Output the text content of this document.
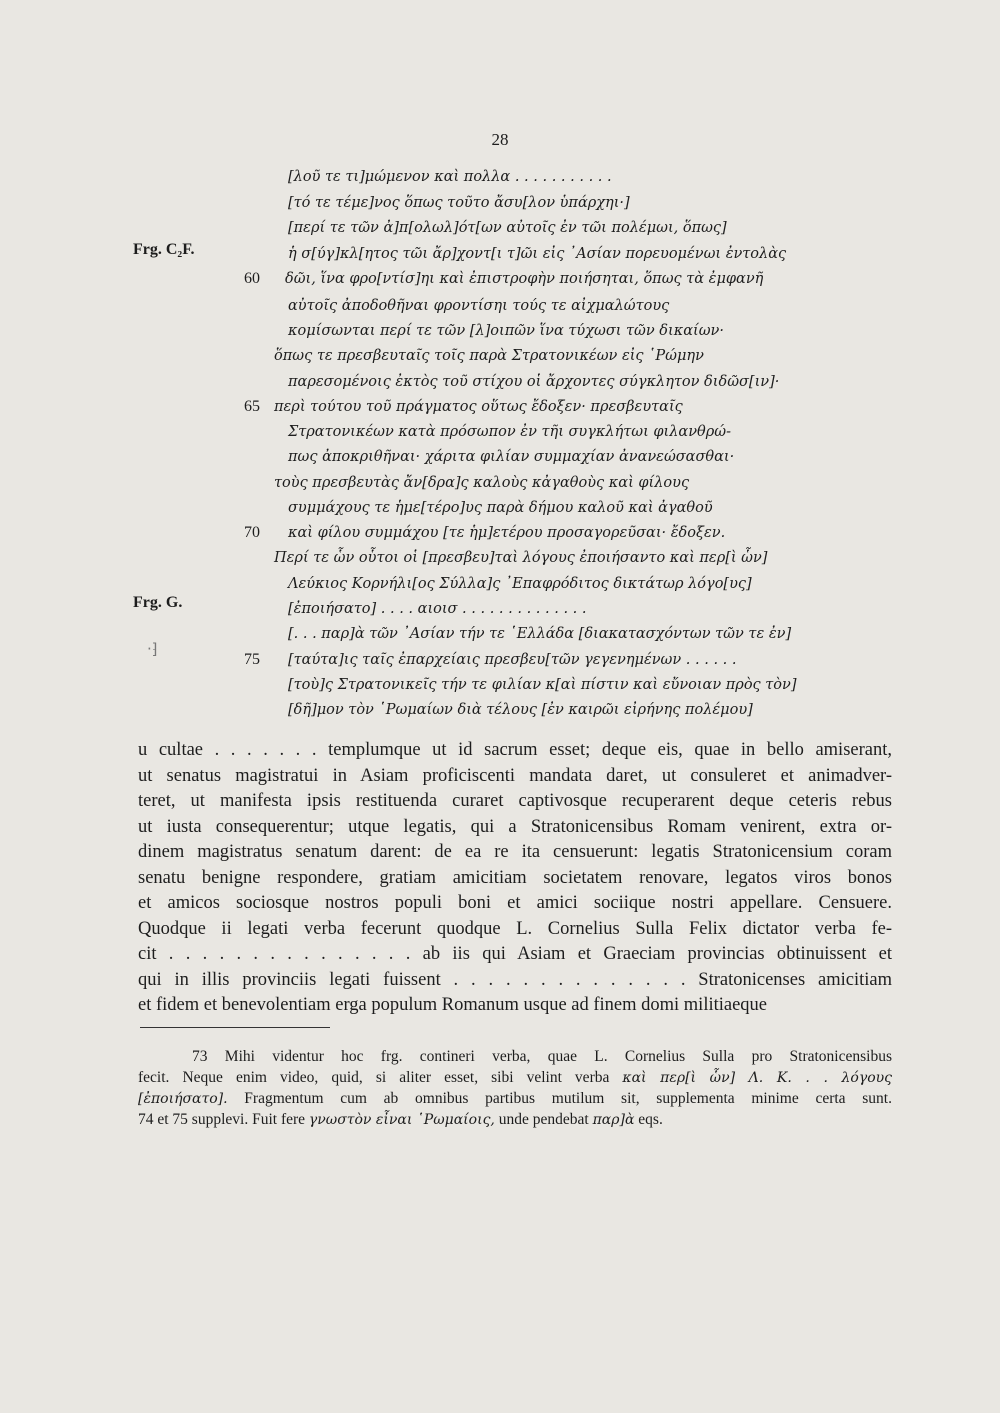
28
[λοῦ τε τι]μώμενον καὶ πολλα . . . . . . . . . . .
[τό τε τέμε]νος ὅπως τοῦτο ἄσυ[λον ὑπάρχηι·]
[περί τε τῶν ἀ]π[ολωλ]ότ[ων αὐτοῖς ἐν τῶι πολέμωι, ὅπως]
ἡ σ[ύγ]κλ[ητος τῶι ἄρ]χοντ[ι τ]ῶι εἰς ᾿Ασίαν πορευομένωι ἐντολὰς
δῶι, ἵνα φρο[ντίσ]ηι καὶ ἐπιστροφὴν ποιήσηται, ὅπως τὰ ἐμφανῆ
αὐτοῖς ἀποδοθῆναι φροντίσηι τούς τε αἰχμαλώτους
κομίσωνται περί τε τῶν [λ]οιπῶν ἵνα τύχωσι τῶν δικαίων·
ὅπως τε πρεσβευταῖς τοῖς παρὰ Στρατονικέων εἰς ῾Ρώμην
παρεσομένοις ἐκτὸς τοῦ στίχου οἱ ἄρχοντες σύγκλητον διδῶσ[ιν]·
περὶ τούτου τοῦ πράγματος οὕτως ἔδοξεν· πρεσβευταῖς
Στρατονικέων κατὰ πρόσωπον ἐν τῆι συγκλήτωι φιλανθρώ-
πως ἀποκριθῆναι· χάριτα φιλίαν συμμαχίαν ἀνανεώσασθαι·
τοὺς πρεσβευτὰς ἄν[δρα]ς καλοὺς κἀγαθοὺς καὶ φίλους
συμμάχους τε ἡμε[τέρο]υς παρὰ δήμου καλοῦ καὶ ἀγαθοῦ
καὶ φίλου συμμάχου [τε ἡμ]ετέρου προσαγορεῦσαι· ἔδοξεν.
Περί τε ὧν οὗτοι οἱ [πρεσβευ]ταὶ λόγους ἐποιήσαντο καὶ περ[ὶ ὧν]
Λεύκιος Κορνήλι[ος Σύλλα]ς ᾿Επαφρόδιτος δικτάτωρ λόγο[υς]
[ἐποιήσατο] . . . . αιοισ . . . . . . . . . . . . . .
[. . . παρ]ὰ τῶν ᾿Ασίαν τήν τε ῾Ελλάδα [διακατασχόντων τῶν τε ἐν]
[ταύτα]ις ταῖς ἐπαρχείαις πρεσβευ[τῶν γεγενημένων . . . . . .
[τοὺ]ς Στρατονικεῖς τήν τε φιλίαν κ[αὶ πίστιν καὶ εὔνοιαν πρὸς τὸν]
[δῆ]μον τὸν ῾Ρωμαίων διὰ τέλους [ἐν καιρῶι εἰρήνης πολέμου]
Frg. C₂F.
Frg. G.
60
65
70
75
·⁆
u cultae . . . . . . . templumque ut id sacrum esset; deque eis, quae in bello amiserant,
ut senatus magistratui in Asiam proficiscenti mandata daret, ut consuleret et animadver-
teret, ut manifesta ipsis restituenda curaret captivosque recuperarent deque ceteris rebus
ut iusta consequerentur; utque legatis, qui a Stratonicensibus Romam venirent, extra or-
dinem magistratus senatum darent: de ea re ita censuerunt: legatis Stratonicensium coram
senatu benigne respondere, gratiam amicitiam societatem renovare, legatos viros bonos
et amicos sociosque nostros populi boni et amici sociique nostri appellare. Censuere.
Quodque ii legati verba fecerunt quodque L. Cornelius Sulla Felix dictator verba fe-
cit . . . . . . . . . . . . . . . ab iis qui Asiam et Graeciam provincias obtinuissent et
qui in illis provinciis legati fuissent . . . . . . . . . . . . . . Stratonicenses amicitiam
et fidem et benevolentiam erga populum Romanum usque ad finem domi militiaeque
73 Mihi videntur hoc frg. contineri verba, quae L. Cornelius Sulla pro Stratonicensibus
fecit. Neque enim video, quid, si aliter esset, sibi velint verba καὶ περ[ὶ ὧν] Λ. Κ. . . λόγους
[ἐποιήσατο]. Fragmentum cum ab omnibus partibus mutilum sit, supplementa minime certa sunt.
74 et 75 supplevi. Fuit fere γνωστὸν εἶναι ῾Ρωμαίοις, unde pendebat παρ]ὰ eqs.
